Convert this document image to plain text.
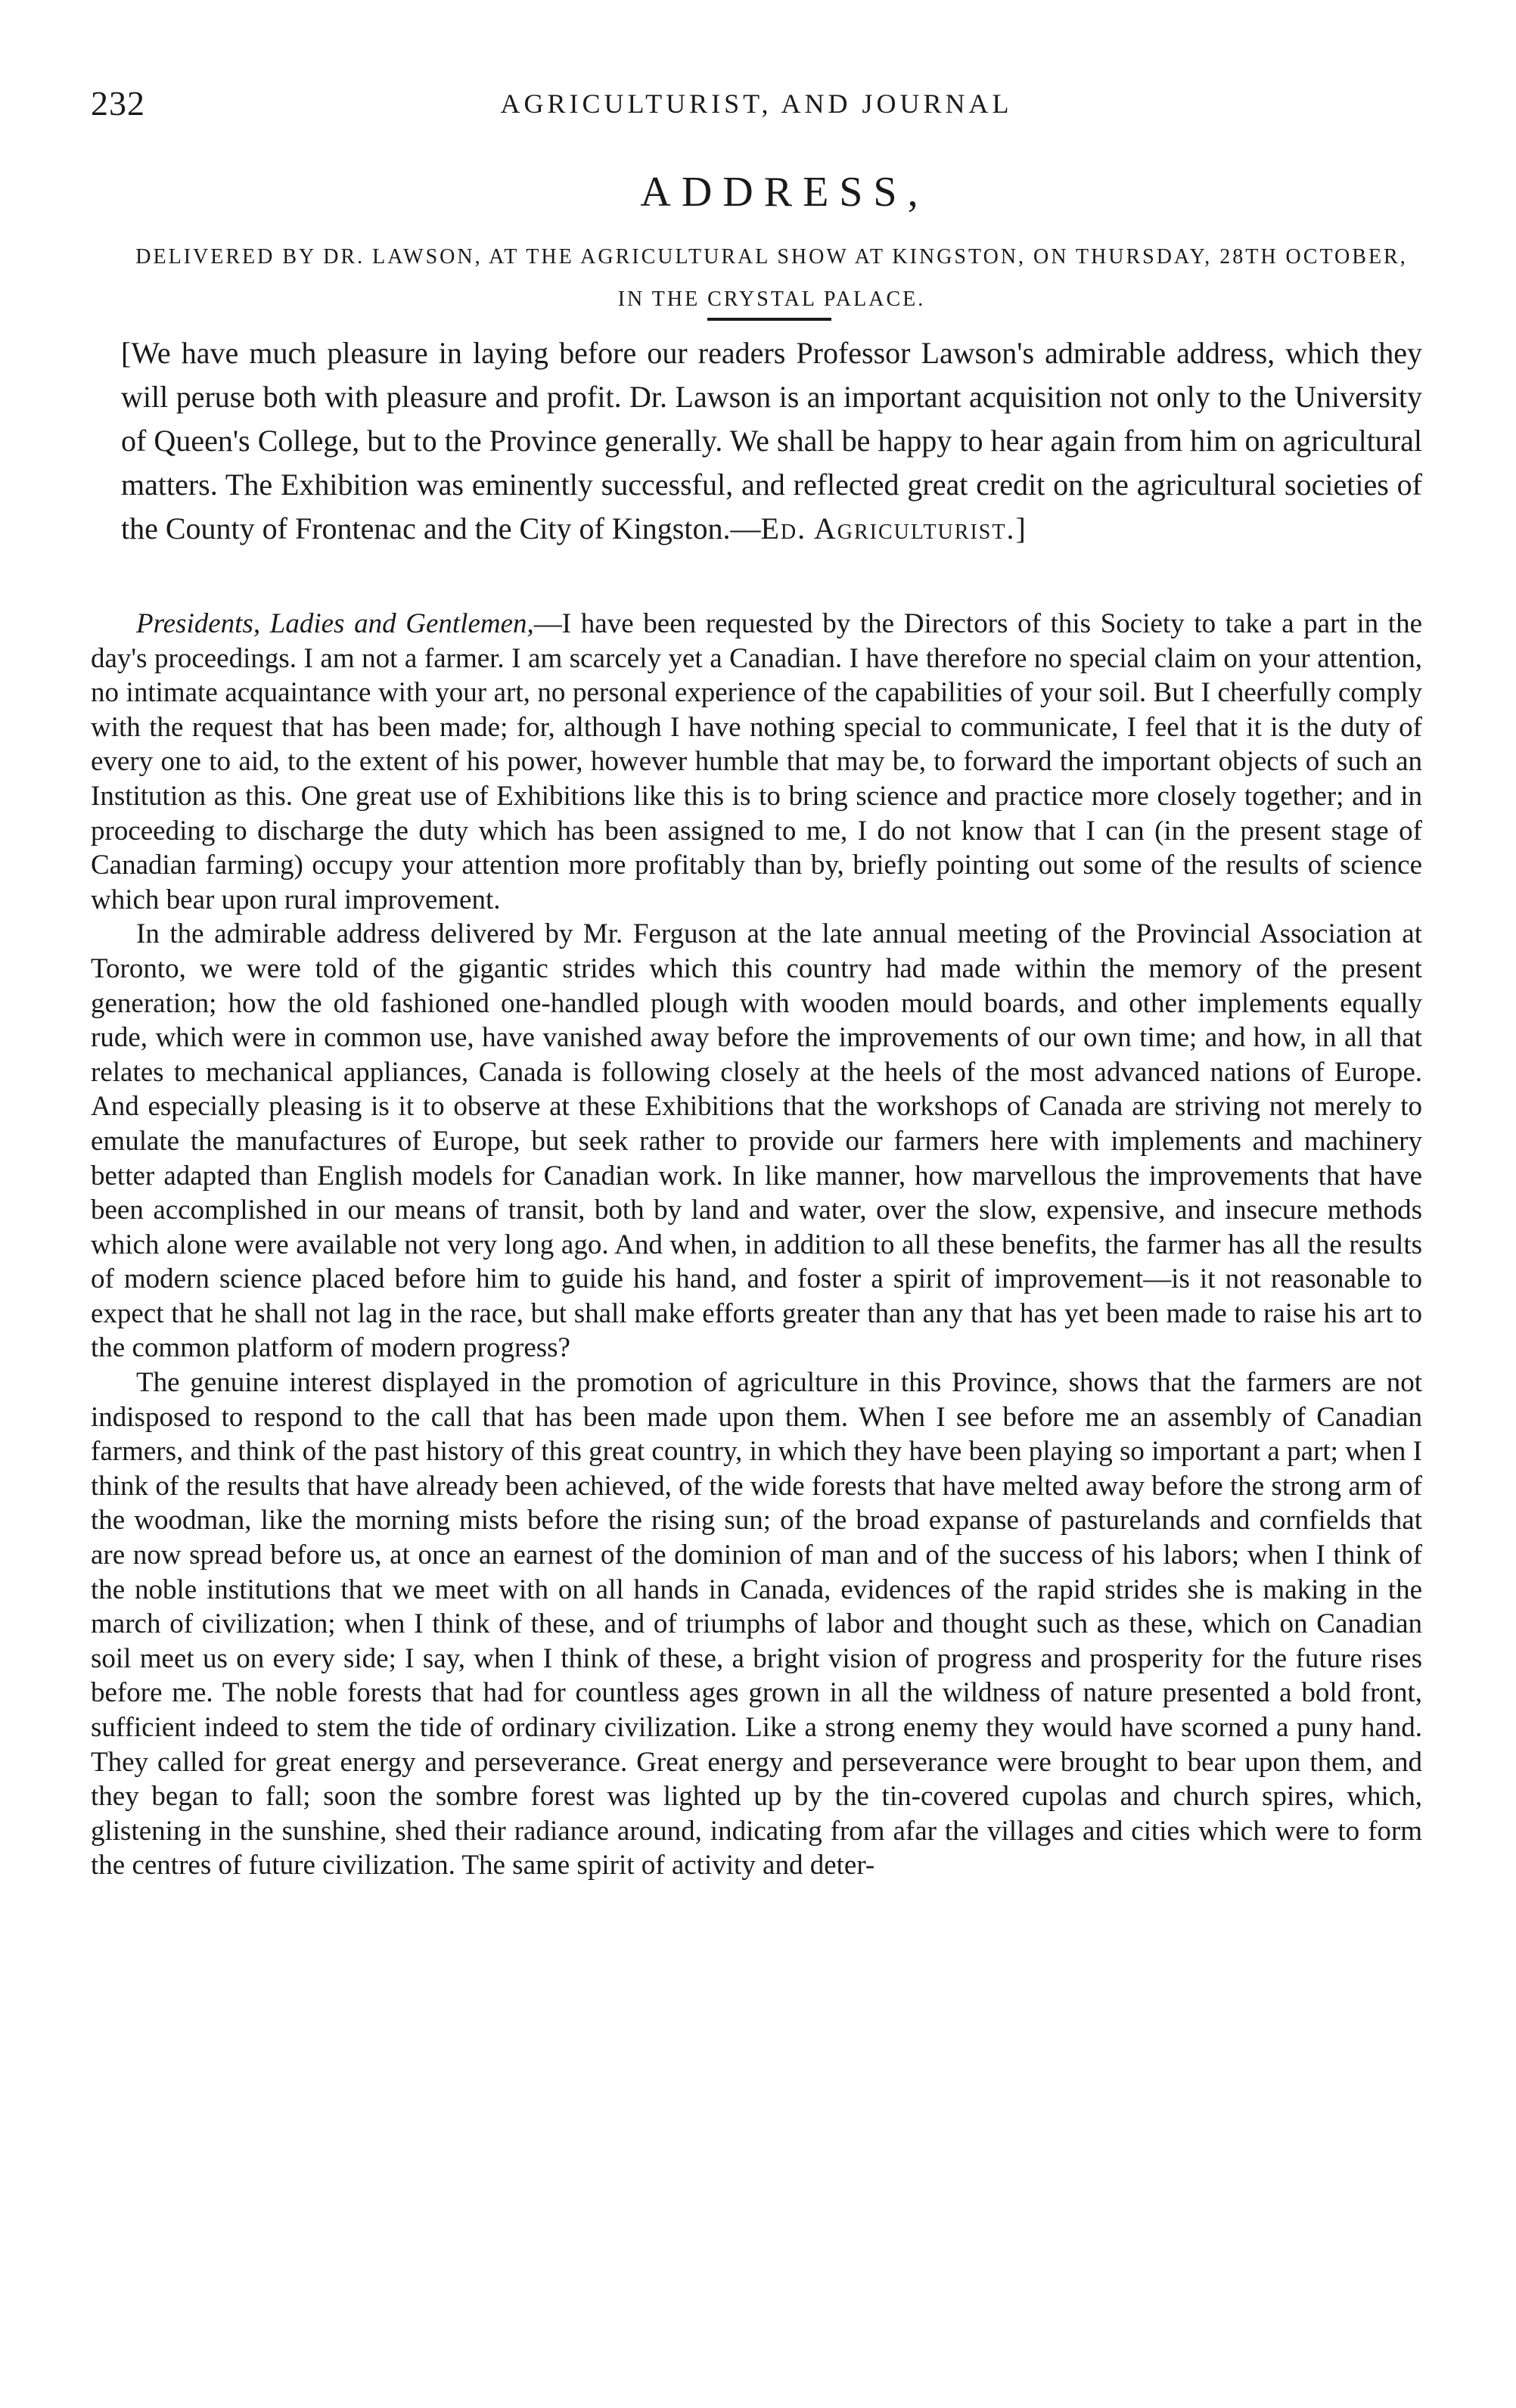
232	AGRICULTURIST, AND JOURNAL
ADDRESS,
DELIVERED BY DR. LAWSON, AT THE AGRICULTURAL SHOW AT KINGSTON, ON THURSDAY, 28TH OCTOBER, IN THE CRYSTAL PALACE.
[We have much pleasure in laying before our readers Professor Lawson's admirable address, which they will peruse both with pleasure and profit. Dr. Lawson is an important acquisition not only to the University of Queen's College, but to the Province generally. We shall be happy to hear again from him on agricultural matters. The Exhibition was eminently successful, and reflected great credit on the agricultural societies of the County of Frontenac and the City of Kingston.—Ed. Agriculturist.]

Presidents, Ladies and Gentlemen,—I have been requested by the Directors of this Society to take a part in the day's proceedings. I am not a farmer. I am scarcely yet a Canadian. I have therefore no special claim on your attention, no intimate acquaintance with your art, no personal experience of the capabilities of your soil. But I cheerfully comply with the request that has been made; for, although I have nothing special to communicate, I feel that it is the duty of every one to aid, to the extent of his power, however humble that may be, to forward the important objects of such an Institution as this. One great use of Exhibitions like this is to bring science and practice more closely together; and in proceeding to discharge the duty which has been assigned to me, I do not know that I can (in the present stage of Canadian farming) occupy your attention more profitably than by, briefly pointing out some of the results of science which bear upon rural improvement.

In the admirable address delivered by Mr. Ferguson at the late annual meeting of the Provincial Association at Toronto, we were told of the gigantic strides which this country had made within the memory of the present generation; how the old fashioned one-handled plough with wooden mould boards, and other implements equally rude, which were in common use, have vanished away before the improvements of our own time; and how, in all that relates to mechanical appliances, Canada is following closely at the heels of the most advanced nations of Europe. And especially pleasing is it to observe at these Exhibitions that the workshops of Canada are striving not merely to emulate the manufactures of Europe, but seek rather to provide our farmers here with implements and machinery better adapted than English models for Canadian work. In like manner, how marvellous the improvements that have been accomplished in our means of transit, both by land and water, over the slow, expensive, and insecure methods which alone were available not very long ago. And when, in addition to all these benefits, the farmer has all the results of modern science placed before him to guide his hand, and foster a spirit of improvement—is it not reasonable to expect that he shall not lag in the race, but shall make efforts greater than any that has yet been made to raise his art to the common platform of modern progress?

The genuine interest displayed in the promotion of agriculture in this Province, shows that the farmers are not indisposed to respond to the call that has been made upon them. When I see before me an assembly of Canadian farmers, and think of the past history of this great country, in which they have been playing so important a part; when I think of the results that have already been achieved, of the wide forests that have melted away before the strong arm of the woodman, like the morning mists before the rising sun; of the broad expanse of pasturelands and cornfields that are now spread before us, at once an earnest of the dominion of man and of the success of his labors; when I think of the noble institutions that we meet with on all hands in Canada, evidences of the rapid strides she is making in the march of civilization; when I think of these, and of triumphs of labor and thought such as these, which on Canadian soil meet us on every side; I say, when I think of these, a bright vision of progress and prosperity for the future rises before me. The noble forests that had for countless ages grown in all the wildness of nature presented a bold front, sufficient indeed to stem the tide of ordinary civilization. Like a strong enemy they would have scorned a puny hand. They called for great energy and perseverance. Great energy and perseverance were brought to bear upon them, and they began to fall; soon the sombre forest was lighted up by the tin-covered cupolas and church spires, which, glistening in the sunshine, shed their radiance around, indicating from afar the villages and cities which were to form the centres of future civilization. The same spirit of activity and deter-
